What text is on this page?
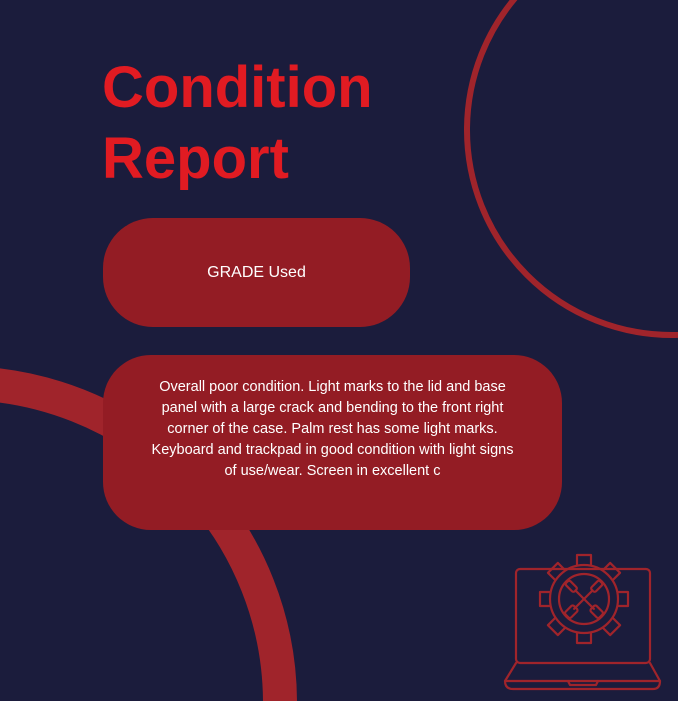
Condition Report
GRADE Used
Overall poor condition. Light marks to the lid and base panel with a large crack and bending to the front right corner of the case. Palm rest has some light marks. Keyboard and trackpad in good condition with light signs of use/wear. Screen in excellent c
